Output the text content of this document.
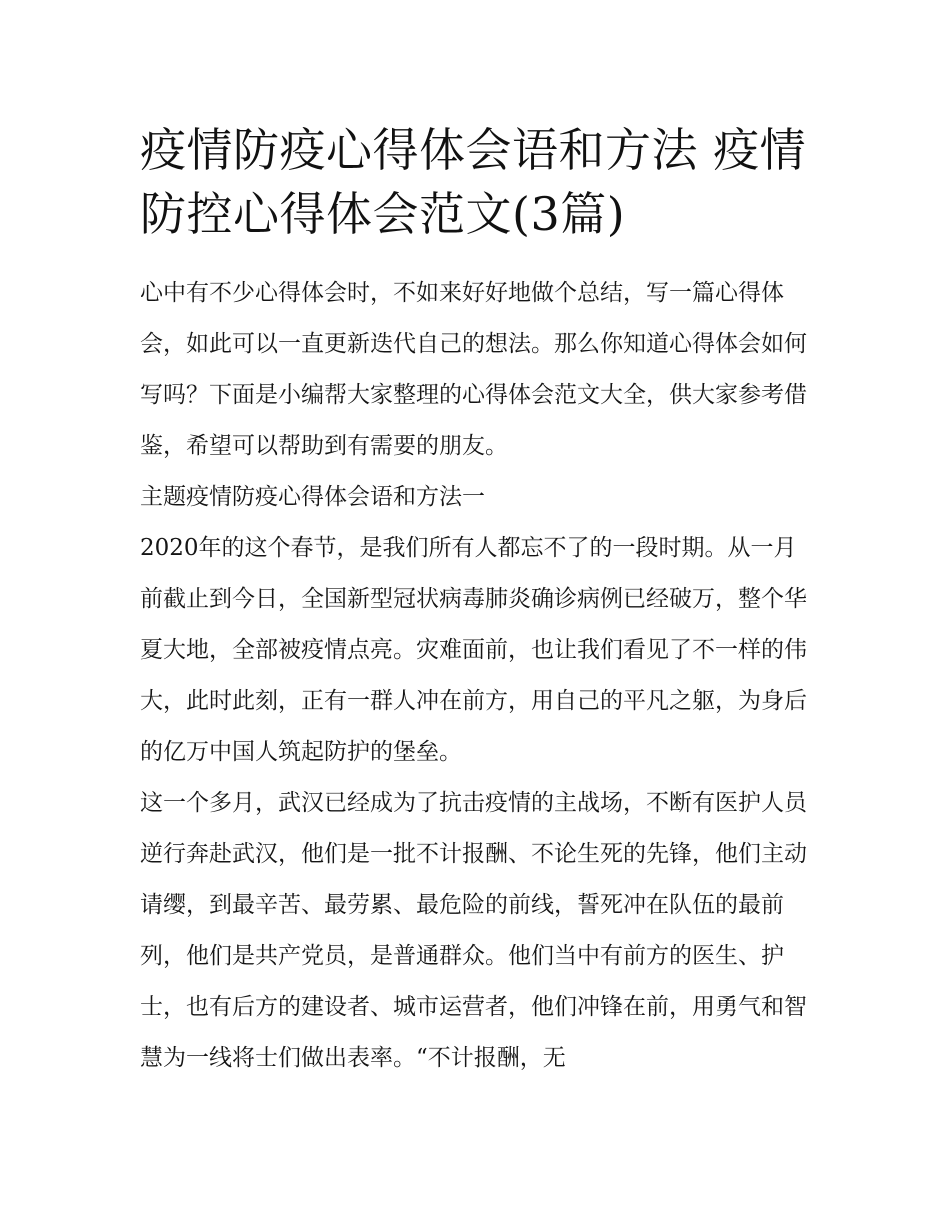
疫情防疫心得体会语和方法 疫情防控心得体会范文(3篇)

心中有不少心得体会时，不如来好好地做个总结，写一篇心得体会，如此可以一直更新迭代自己的想法。那么你知道心得体会如何写吗？下面是小编帮大家整理的心得体会范文大全，供大家参考借鉴，希望可以帮助到有需要的朋友。

主题疫情防疫心得体会语和方法一

2020年的这个春节，是我们所有人都忘不了的一段时期。从一月前截止到今日，全国新型冠状病毒肺炎确诊病例已经破万，整个华夏大地，全部被疫情点亮。灾难面前，也让我们看见了不一样的伟大，此时此刻，正有一群人冲在前方，用自己的平凡之躯，为身后的亿万中国人筑起防护的堡垒。

这一个多月，武汉已经成为了抗击疫情的主战场，不断有医护人员逆行奔赴武汉，他们是一批不计报酬、不论生死的先锋，他们主动请缨，到最辛苦、最劳累、最危险的前线，誓死冲在队伍的最前列，他们是共产党员，是普通群众。他们当中有前方的医生、护士，也有后方的建设者、城市运营者，他们冲锋在前，用勇气和智慧为一线将士们做出表率。“不计报酬，无
